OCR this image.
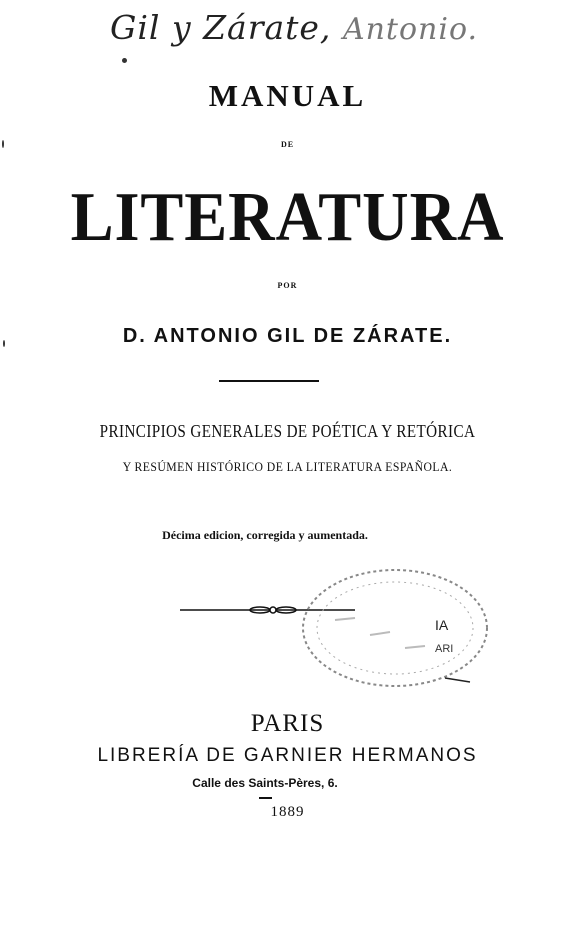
Gil y Zárate, Antonio.
MANUAL
DE
LITERATURA
POR
D. ANTONIO GIL DE ZÁRATE.
PRINCIPIOS GENERALES DE POÉTICA Y RETÓRICA
Y RESÚMEN HISTÓRICO DE LA LITERATURA ESPAÑOLA.
Décima edicion, corregida y aumentada.
IA
ARI
PARIS
LIBRERÍA DE GARNIER HERMANOS
Calle des Saints-Pères, 6.
1889
